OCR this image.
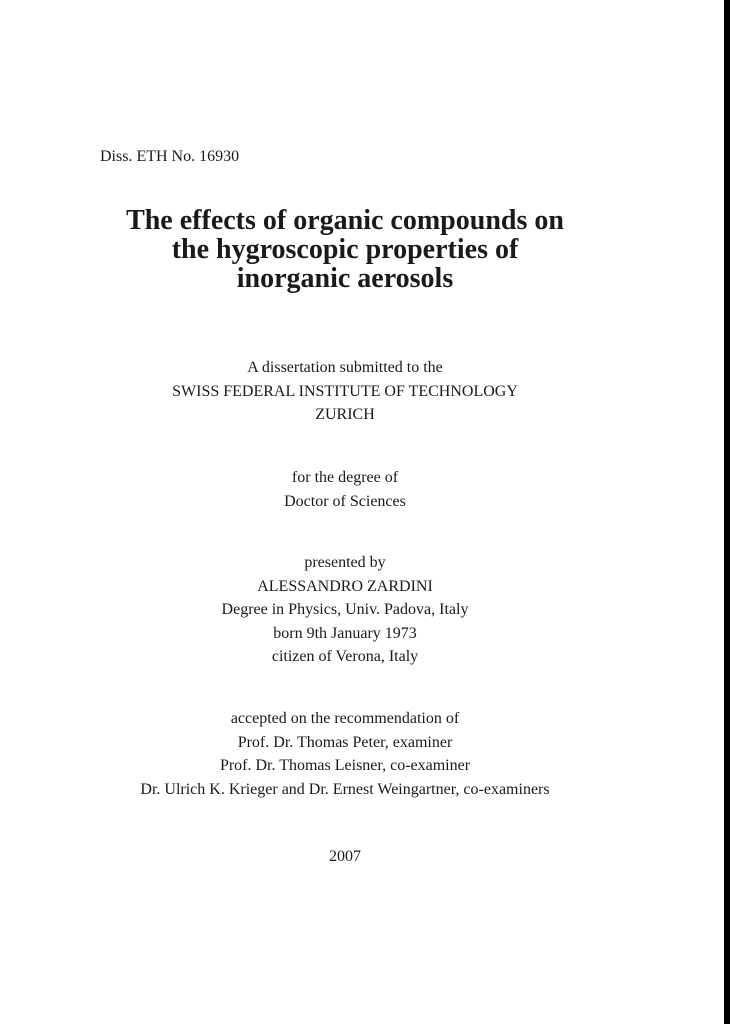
Diss. ETH No. 16930
The effects of organic compounds on
the hygroscopic properties of
inorganic aerosols
A dissertation submitted to the
SWISS FEDERAL INSTITUTE OF TECHNOLOGY
ZURICH
for the degree of
Doctor of Sciences
presented by
ALESSANDRO ZARDINI
Degree in Physics, Univ. Padova, Italy
born 9th January 1973
citizen of Verona, Italy
accepted on the recommendation of
Prof. Dr. Thomas Peter, examiner
Prof. Dr. Thomas Leisner, co-examiner
Dr. Ulrich K. Krieger and Dr. Ernest Weingartner, co-examiners
2007
